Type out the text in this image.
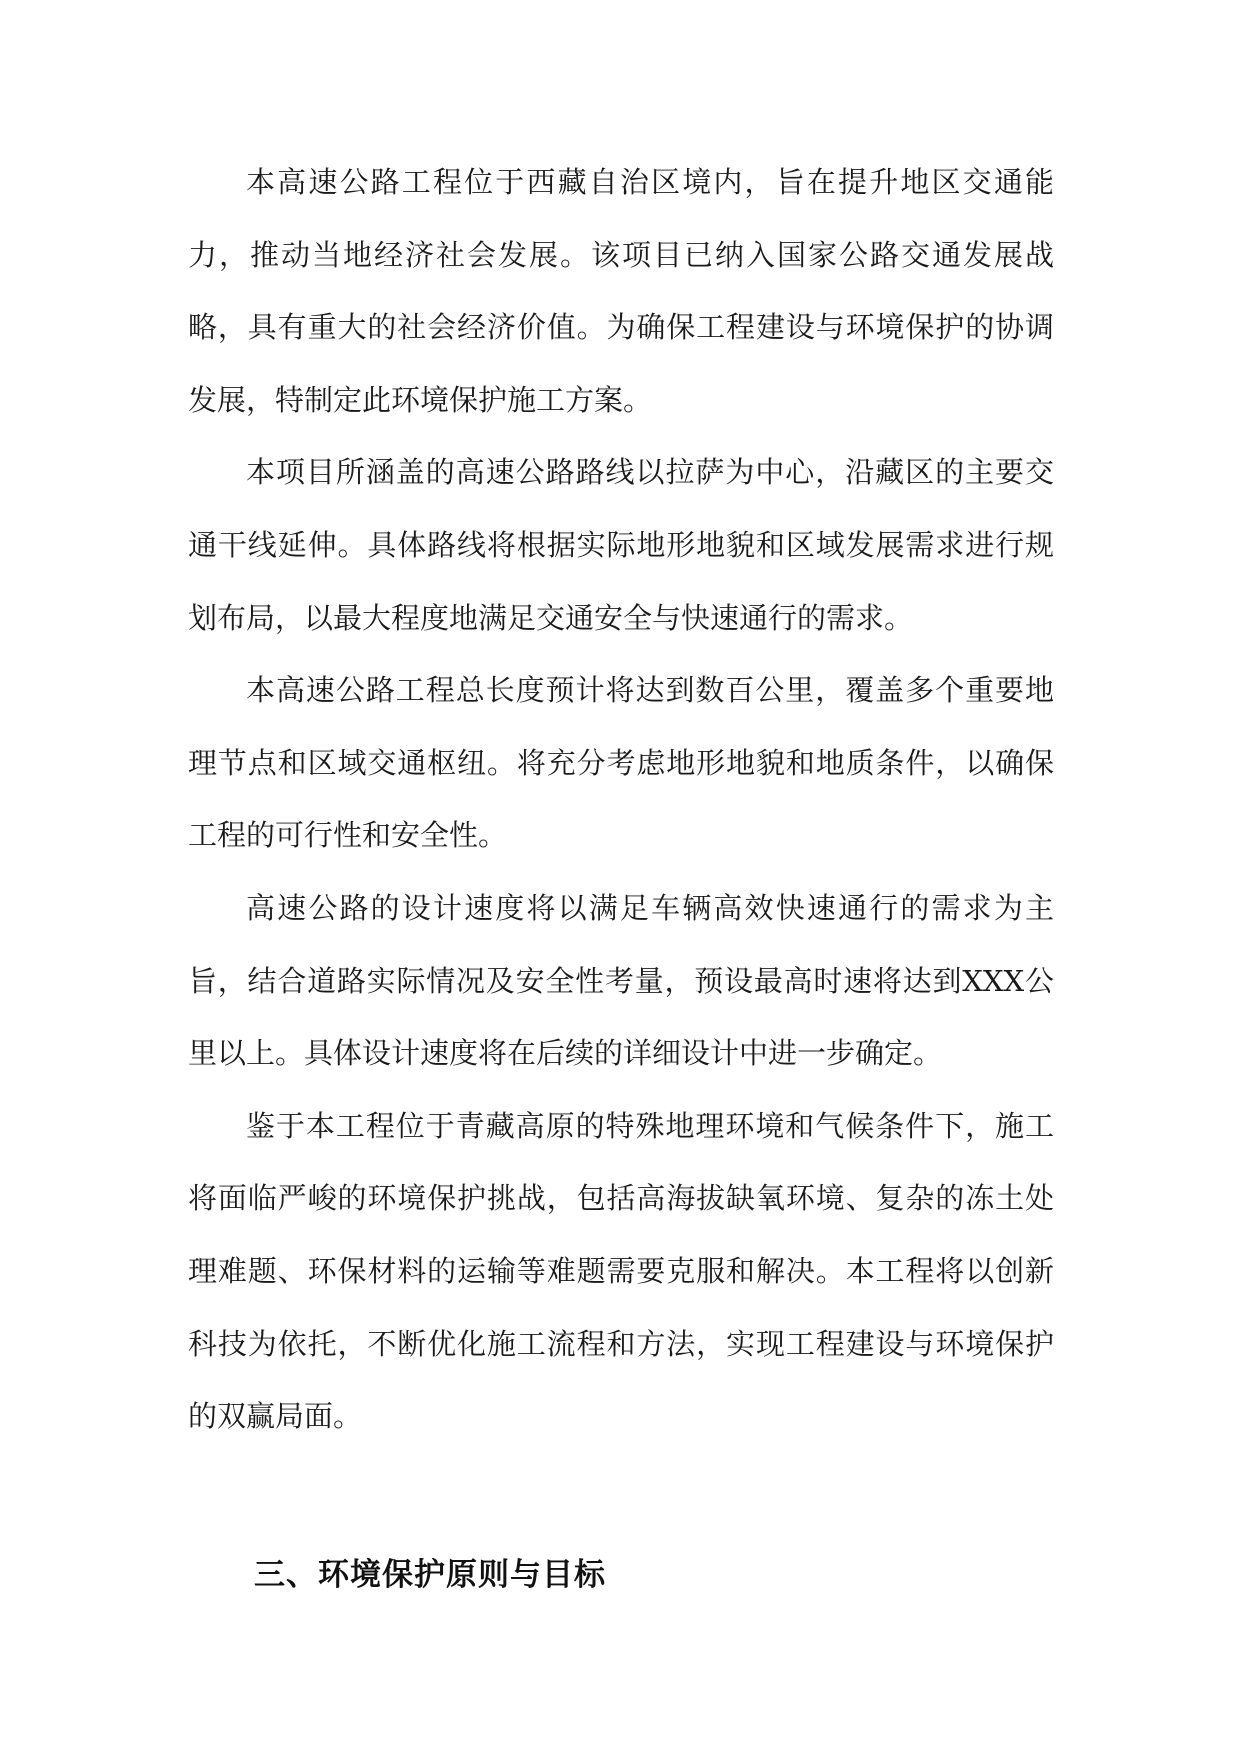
本高速公路工程位于西藏自治区境内，旨在提升地区交通能力，推动当地经济社会发展。该项目已纳入国家公路交通发展战略，具有重大的社会经济价值。为确保工程建设与环境保护的协调发展，特制定此环境保护施工方案。

本项目所涵盖的高速公路路线以拉萨为中心，沿藏区的主要交通干线延伸。具体路线将根据实际地形地貌和区域发展需求进行规划布局，以最大程度地满足交通安全与快速通行的需求。

本高速公路工程总长度预计将达到数百公里，覆盖多个重要地理节点和区域交通枢纽。将充分考虑地形地貌和地质条件，以确保工程的可行性和安全性。

高速公路的设计速度将以满足车辆高效快速通行的需求为主旨，结合道路实际情况及安全性考量，预设最高时速将达到XXX公里以上。具体设计速度将在后续的详细设计中进一步确定。

鉴于本工程位于青藏高原的特殊地理环境和气候条件下，施工将面临严峻的环境保护挑战，包括高海拔缺氧环境、复杂的冻土处理难题、环保材料的运输等难题需要克服和解决。本工程将以创新科技为依托，不断优化施工流程和方法，实现工程建设与环境保护的双赢局面。

三、环境保护原则与目标
